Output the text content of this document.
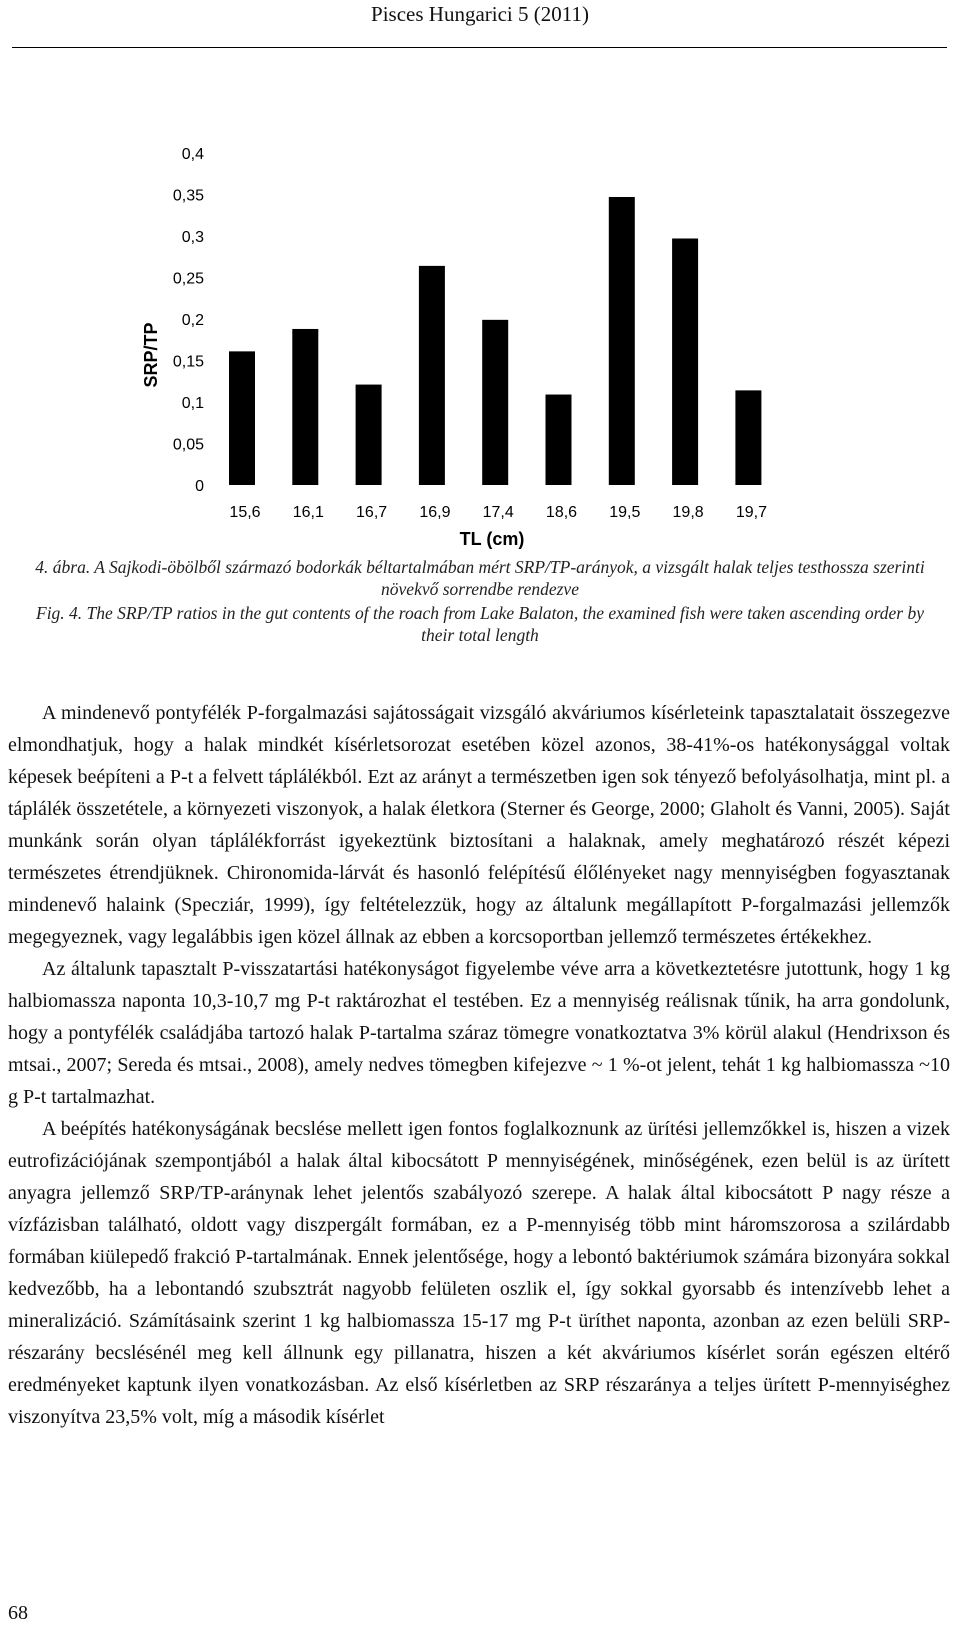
Pisces Hungarici 5 (2011)
SRP/TP
0
0,05
0,1
0,15
0,2
0,25
0,3
0,35
0,4
15,6 16,1 16,7 16,9 17,4 18,6 19,5 19,8 19,7
TL (cm)
4. ábra. A Sajkodi-öbölből származó bodorkák béltartalmában mért SRP/TP-arányok, a vizsgált halak teljes testhossza szerinti növekvő sorrendbe rendezve
Fig. 4. The SRP/TP ratios in the gut contents of the roach from Lake Balaton, the examined fish were taken ascending order by their total length

A mindenevő pontyfélék P-forgalmazási sajátosságait vizsgáló akváriumos kísérleteink tapasztalatait összegezve elmondhatjuk, hogy a halak mindkét kísérletsorozat esetében közel azonos, 38-41%-os hatékonysággal voltak képesek beépíteni a P-t a felvett táplálékból. Ezt az arányt a természetben igen sok tényező befolyásolhatja, mint pl. a táplálék összetétele, a környezeti viszonyok, a halak életkora (Sterner és George, 2000; Glaholt és Vanni, 2005). Saját munkánk során olyan táplálékforrást igyekeztünk biztosítani a halaknak, amely meghatározó részét képezi természetes étrendjüknek. Chironomida-lárvát és hasonló felépítésű élőlényeket nagy mennyiségben fogyasztanak mindenevő halaink (Specziár, 1999), így feltételezzük, hogy az általunk megállapított P-forgalmazási jellemzők megegyeznek, vagy legalábbis igen közel állnak az ebben a korcsoportban jellemző természetes értékekhez.

Az általunk tapasztalt P-visszatartási hatékonyságot figyelembe véve arra a következtetésre jutottunk, hogy 1 kg halbiomassza naponta 10,3-10,7 mg P-t raktározhat el testében. Ez a mennyiség reálisnak tűnik, ha arra gondolunk, hogy a pontyfélék családjába tartozó halak P-tartalma száraz tömegre vonatkoztatva 3% körül alakul (Hendrixson és mtsai., 2007; Sereda és mtsai., 2008), amely nedves tömegben kifejezve ~ 1 %-ot jelent, tehát 1 kg halbiomassza ~10 g P-t tartalmazhat.

A beépítés hatékonyságának becslése mellett igen fontos foglalkoznunk az ürítési jellemzőkkel is, hiszen a vizek eutrofizációjának szempontjából a halak által kibocsátott P mennyiségének, minőségének, ezen belül is az ürített anyagra jellemző SRP/TP-aránynak lehet jelentős szabályozó szerepe. A halak által kibocsátott P nagy része a vízfázisban található, oldott vagy diszpergált formában, ez a P-mennyiség több mint háromszorosa a szilárdabb formában kiülepedő frakció P-tartalmának. Ennek jelentősége, hogy a lebontó baktériumok számára bizonyára sokkal kedvezőbb, ha a lebontandó szubsztrát nagyobb felületen oszlik el, így sokkal gyorsabb és intenzívebb lehet a mineralizáció. Számításaink szerint 1 kg halbiomassza 15-17 mg P-t üríthet naponta, azonban az ezen belüli SRP-részarány becslésénél meg kell állnunk egy pillanatra, hiszen a két akváriumos kísérlet során egészen eltérő eredményeket kaptunk ilyen vonatkozásban. Az első kísérletben az SRP részaránya a teljes ürített P-mennyiséghez viszonyítva 23,5% volt, míg a második kísérlet

68
